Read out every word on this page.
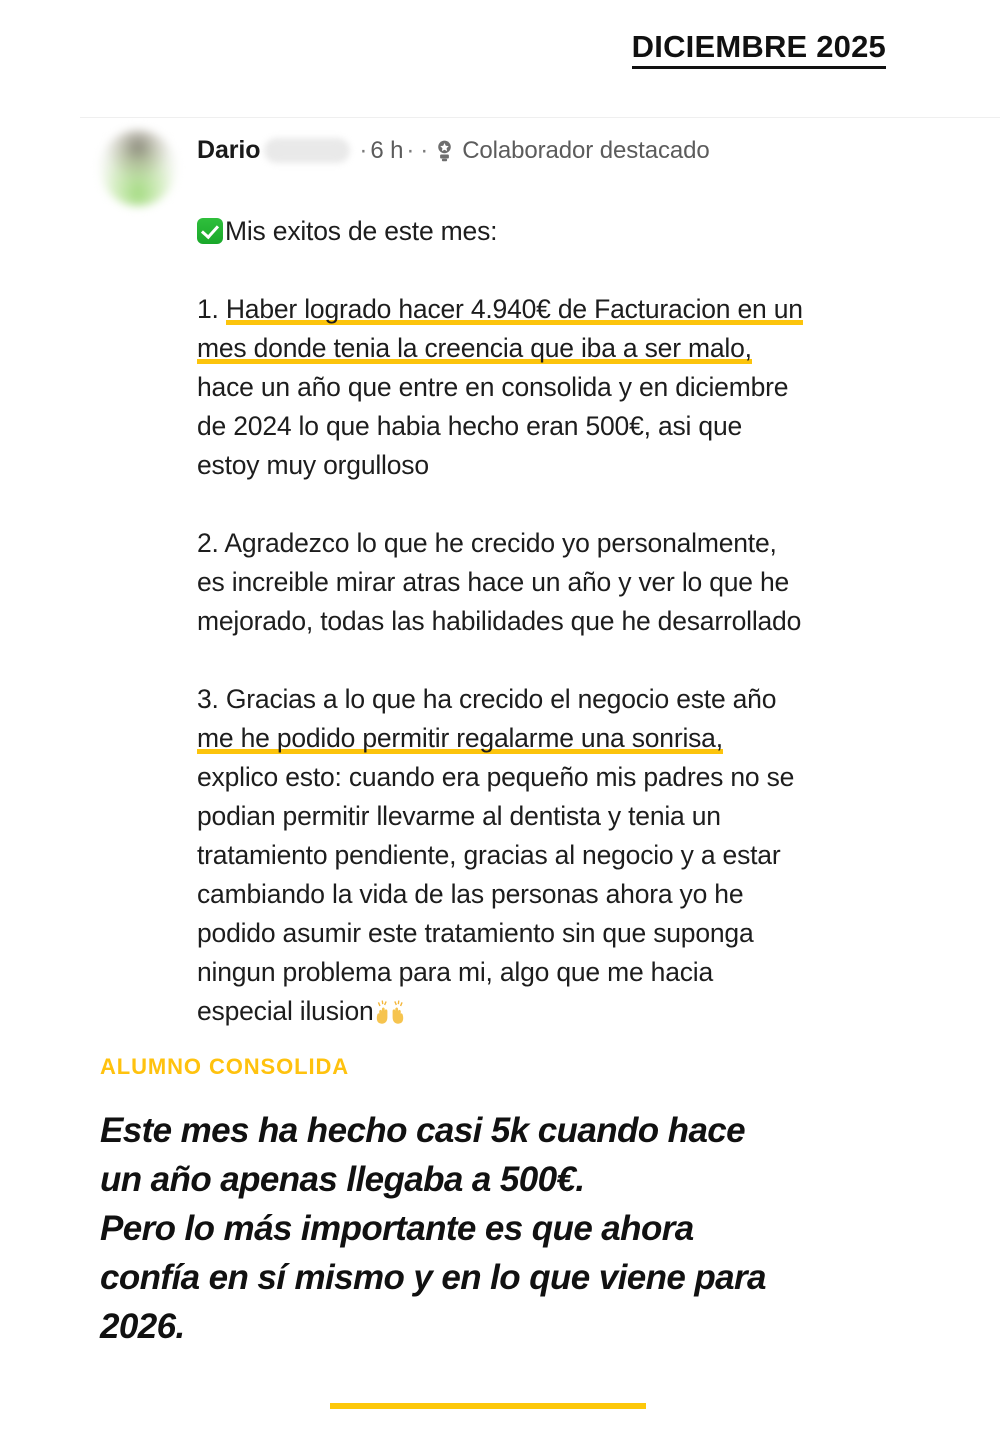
DICIEMBRE 2025
Dario	· 6 h · · Colaborador destacado

Mis exitos de este mes:

1. Haber logrado hacer 4.940€ de Facturacion en un
mes donde tenia la creencia que iba a ser malo,
hace un año que entre en consolida y en diciembre
de 2024 lo que habia hecho eran 500€, asi que
estoy muy orgulloso

2. Agradezco lo que he crecido yo personalmente,
es increible mirar atras hace un año y ver lo que he
mejorado, todas las habilidades que he desarrollado

3. Gracias a lo que ha crecido el negocio este año
me he podido permitir regalarme una sonrisa,
explico esto: cuando era pequeño mis padres no se
podian permitir llevarme al dentista y tenia un
tratamiento pendiente, gracias al negocio y a estar
cambiando la vida de las personas ahora yo he
podido asumir este tratamiento sin que suponga
ningun problema para mi, algo que me hacia
especial ilusion

ALUMNO CONSOLIDA
Este mes ha hecho casi 5k cuando hace
un año apenas llegaba a 500€.
Pero lo más importante es que ahora
confía en sí mismo y en lo que viene para
2026.
